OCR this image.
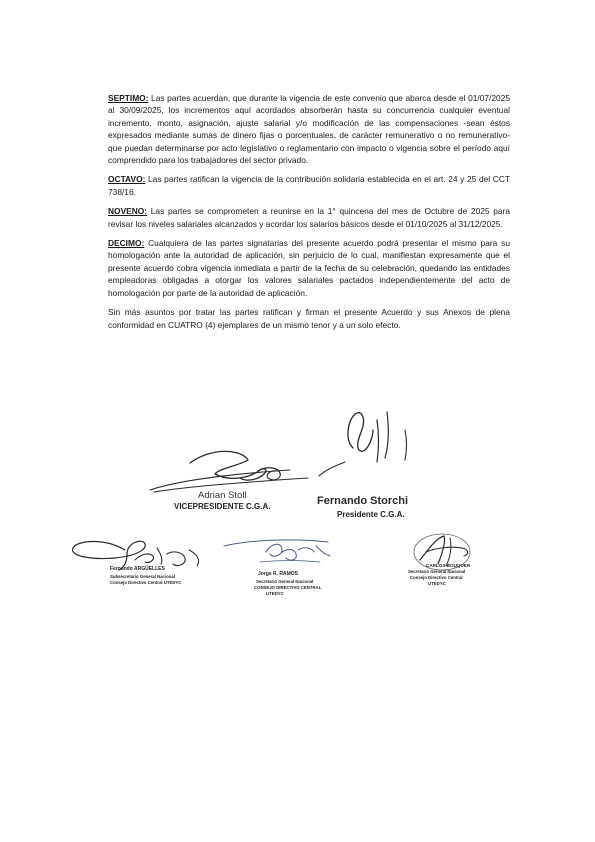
SEPTIMO: Las partes acuerdan, que durante la vigencia de este convenio que abarca desde el 01/07/2025 al 30/09/2025, los incrementos aquí acordados absorberán hasta su concurrencia cualquier eventual incremento, monto, asignación, ajuste salarial y/o modificación de las compensaciones -sean éstos expresados mediante sumas de dinero fijas o porcentuales, de carácter remunerativo o no remunerativo- que puedan determinarse por acto legislativo o reglamentario con impacto o vigencia sobre el período aquí comprendido para los trabajadores del sector privado.

OCTAVO: Las partes ratifican la vigencia de la contribución solidaria establecida en el art. 24 y 25 del CCT 738/16.

NOVENO: Las partes se comprometen a reunirse en la 1° quincena del mes de Octubre de 2025 para revisar los niveles salariales alcanzados y acordar los salarios básicos desde el 01/10/2025 al 31/12/2025.

DECIMO: Cualquiera de las partes signatarias del presente acuerdo podrá presentar el mismo para su homologación ante la autoridad de aplicación, sin perjuicio de lo cual, manifiestan expresamente que el presente acuerdo cobra vigencia inmediata a partir de la fecha de su celebración, quedando las entidades empleadoras obligadas a otorgar los valores salariales pactados independientemente del acto de homologación por parte de la autoridad de aplicación.

Sin más asuntos por tratar las partes ratifican y firman el presente Acuerdo y sus Anexos de plena conformidad en CUATRO (4) ejemplares de un mismo tenor y a un solo efecto.

Adrian Stoll
VICEPRESIDENTE C.G.A.	Fernando Storchi
Presidente C.G.A.
Fernando ARGÜELLES
Subsecretario General Nacional
Consejo Directivo Central UTEDYC
Jorge R. RAMOS
Secretario General Nacional
CONSEJO DIRECTIVO CENTRAL
UTEDYC
CARLOS BOUQUER
Secretario General Nacional
Consejo Directivo Central
UTEDYC
